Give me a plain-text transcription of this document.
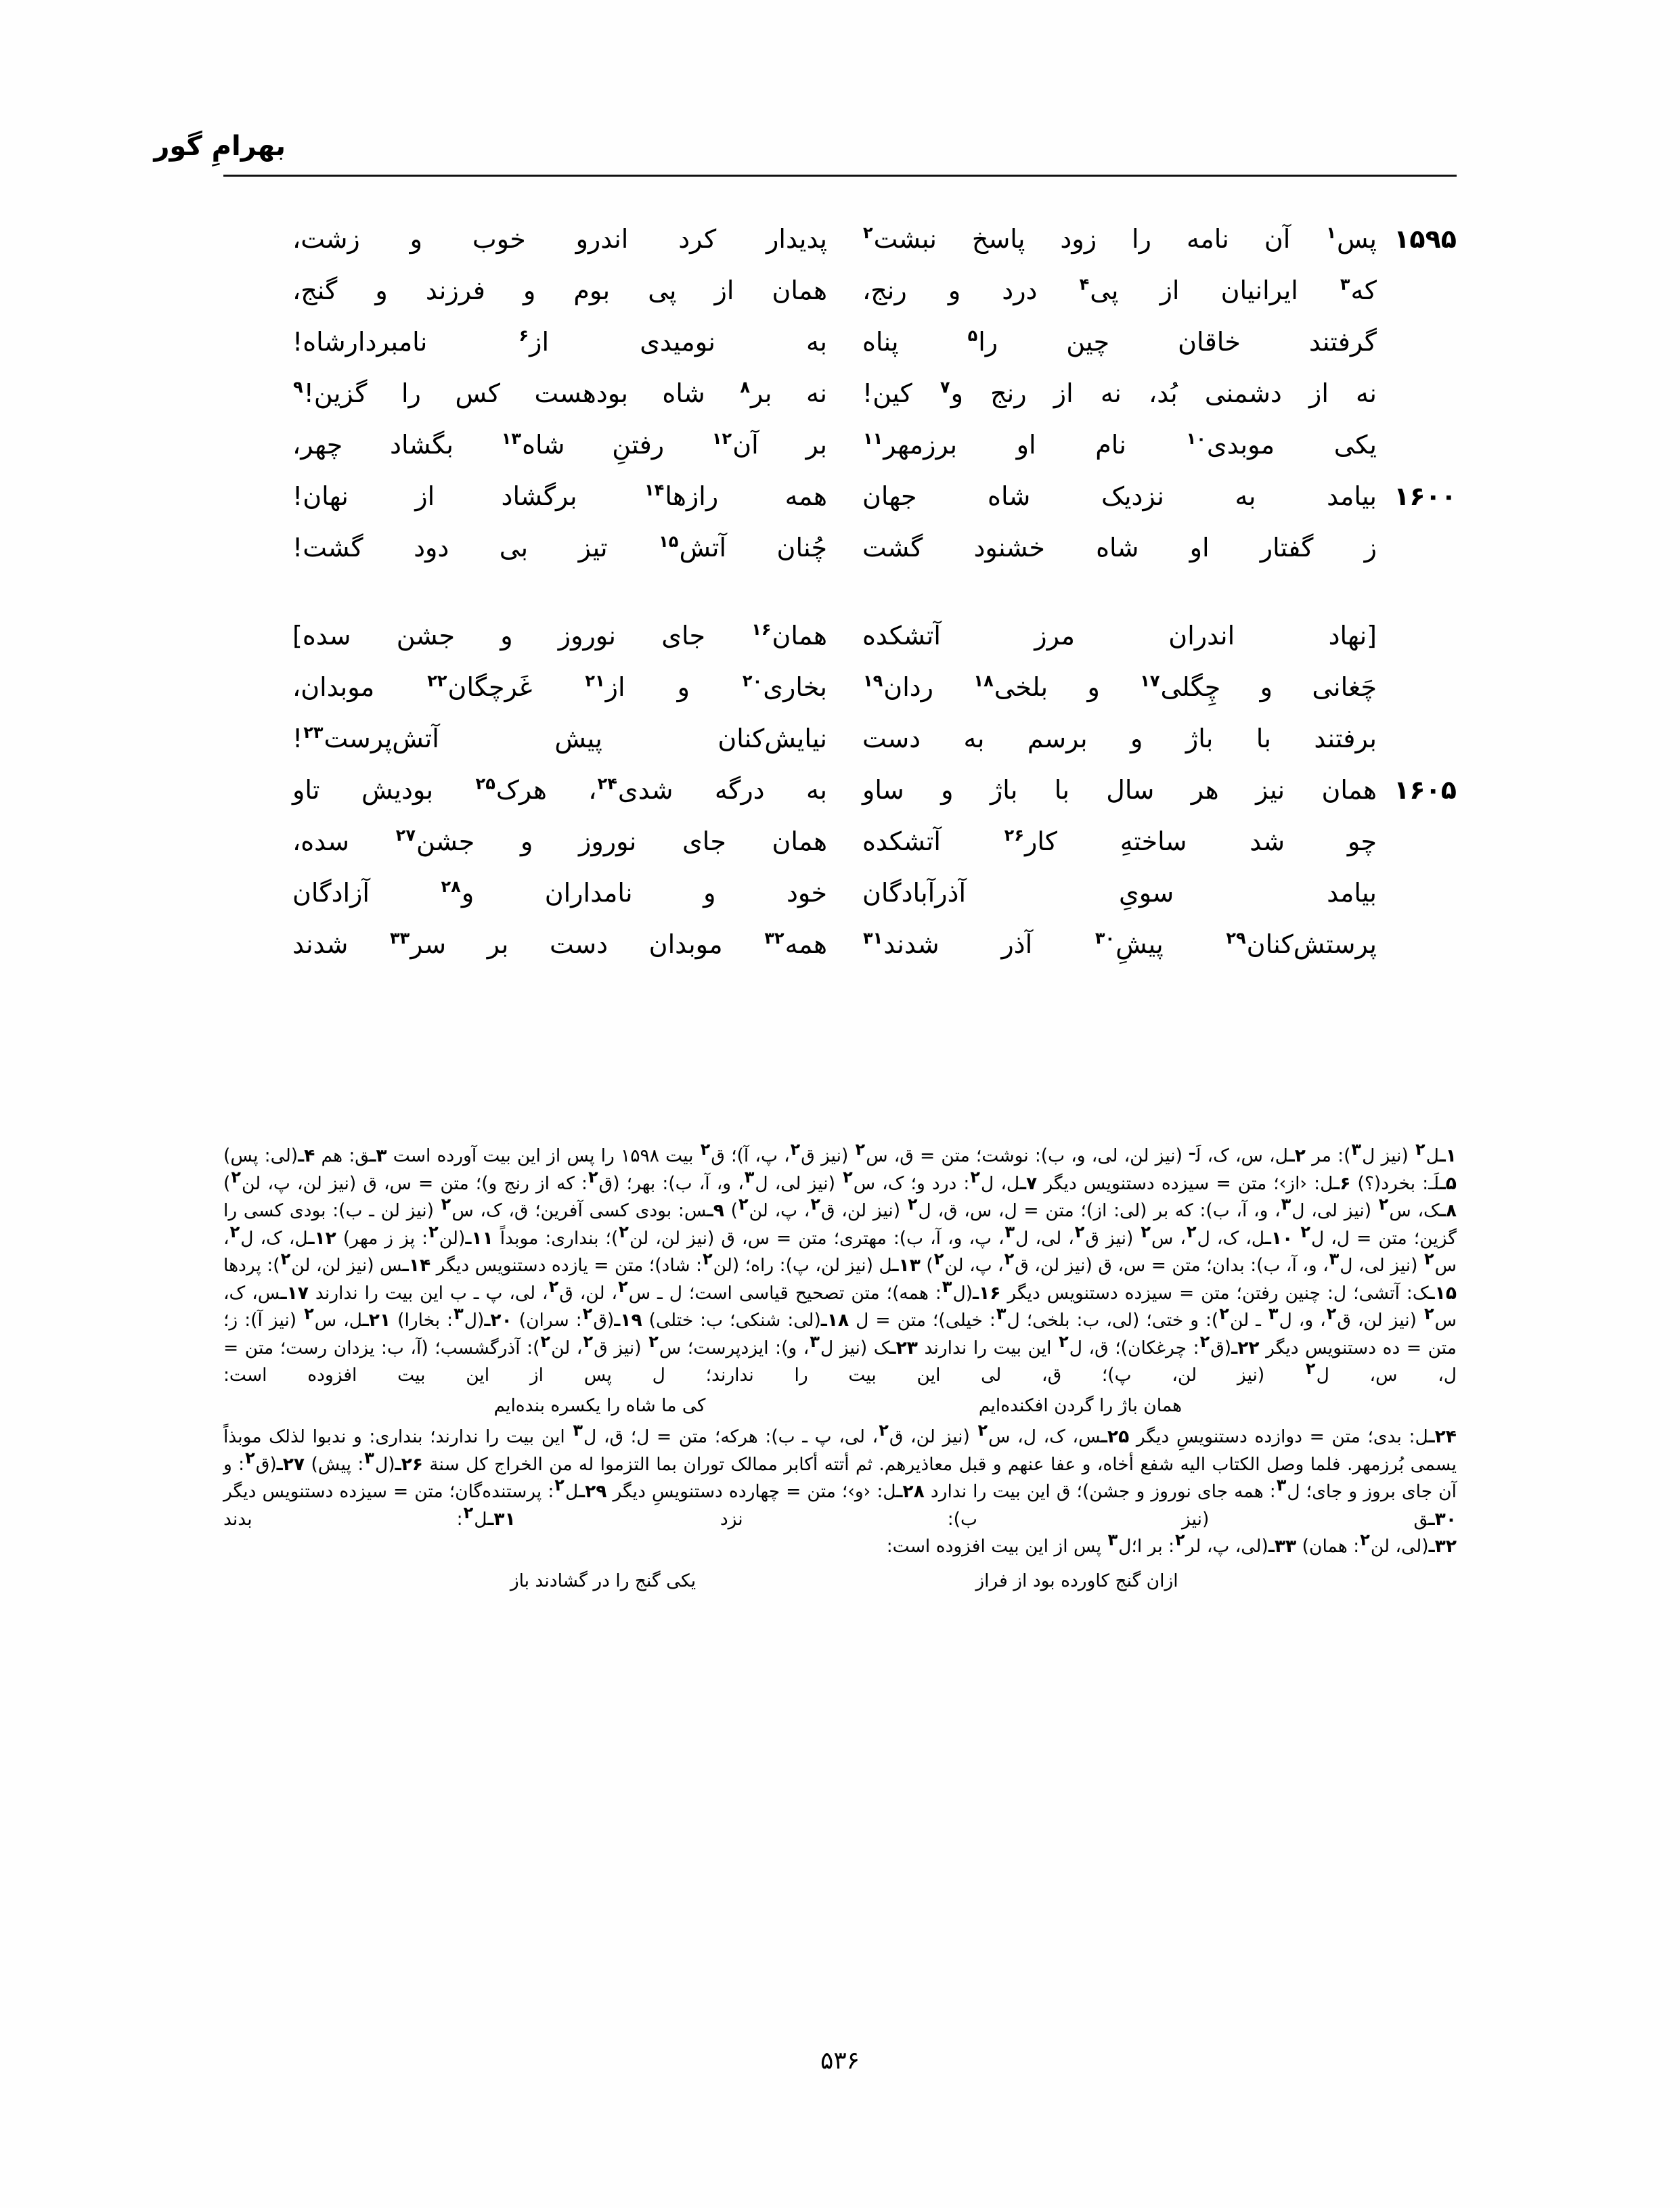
بهرامِ گور
۱۵۹۵
پس$^۱$ آن نامه را زود پاسخ نبشت$^۲$
پدیدار کرد اندرو خوب و زشت،
که$^۳$ ایرانیان از پی$^۴$ درد و رنج،
همان از پی بوم و فرزند و گنج،
گرفتند خاقان چین را$^۵$ پناه
به نومیدی از$^۶$ نامبردارشاه!
نه از دشمنی بُد، نه از رنج و$^۷$ کین!
نه بر$^۸$ شاه بودهست کس را گزین!$^۹$
یکی موبدی$^{۱۰}$ نام او برزمهر$^{۱۱}$
بر آن$^{۱۲}$ رفتنِ شاه$^{۱۳}$ بگشاد چهر،
۱۶۰۰
بیامد به نزدیک شاه جهان
همه رازها$^{۱۴}$ برگشاد از نهان!
ز گفتار او شاه خشنود گشت
چُنان آتش$^{۱۵}$ تیز بی دود گشت!
[نهاد اندران مرز آتشکده
همان$^{۱۶}$ جای نوروز و جشن سده]
چَغانی و چِگلی$^{۱۷}$ و بلخی$^{۱۸}$ ردان$^{۱۹}$
بخاری$^{۲۰}$ و از$^{۲۱}$ غَرچگان$^{۲۲}$ موبدان،
برفتند با باژ و برسم به دست
نیایش‌کنان پیش آتش‌پرست$^{۲۳}$!
۱۶۰۵
همان نیز هر سال با باژ و ساو
به درگه شدی$^{۲۴}$، هرک$^{۲۵}$ بودیش تاو
چو شد ساختهِ کار$^{۲۶}$ آتشکده
همان جای نوروز و جشن$^{۲۷}$ سده،
بیامد سویِ آذرآبادگان
خود و نامداران و$^{۲۸}$ آزادگان
پرستش‌کنان$^{۲۹}$ پیشِ$^{۳۰}$ آذر شدند$^{۳۱}$
همه$^{۳۲}$ موبدان دست بر سر$^{۳۳}$ شدند

۱ـل$^۲$ (نیز ل$^۳$): مر ۲ـل، س، ک، لَ$^ـ$ (نیز لن، لی، و، ب): نوشت؛ متن = ق، س$^۲$ (نیز ق$^۲$، پ، آ)؛ ق$^۲$ بیت ۱۵۹۸ را پس از این بیت آورده است ۳ـق: هم ۴ـ(لی: پس) ۵ـلَـ: بخرد(؟) ۶ـل: ‹از›؛ متن = سیزده دستنویس دیگر ۷ـل، ل$^۲$: درد و؛ ک، س$^۲$ (نیز لی، ل$^۳$، و، آ، ب): بهر؛ (ق$^۲$: که از رنج و)؛ متن = س، ق (نیز لن، پ، لن$^۲$) ۸ـک، س$^۲$ (نیز لی، ل$^۳$، و، آ، ب): که بر (لی: از)؛ متن = ل، س، ق، ل$^۲$ (نیز لن، ق$^۲$، پ، لن$^۲$) ۹ـس: بودی کسی آفرین؛ ق، ک، س$^۲$ (نیز لن ـ ب): بودی کسی را گزین؛ متن = ل، ل$^۲$ ۱۰ـل، ک، ل$^۲$، س$^۲$ (نیز ق$^۲$، لی، ل$^۳$، پ، و، آ، ب): مهتری؛ متن = س، ق (نیز لن، لن$^۲$)؛ بنداری: موبداً ۱۱ـ(لن$^۲$: پز ز مهر) ۱۲ـل، ک، ل$^۲$، س$^۲$ (نیز لی، ل$^۳$، و، آ، ب): بدان؛ متن = س، ق (نیز لن، ق$^۲$، پ، لن$^۲$) ۱۳ـل (نیز لن، پ): راه؛ (لن$^۲$: شاد)؛ متن = یازده دستنویس دیگر ۱۴ـس (نیز لن، لن$^۲$): پردها ۱۵ـک: آتشی؛ ل: چنین رفتن؛ متن = سیزده دستنویس دیگر ۱۶ـ(ل$^۳$: همه)؛ متن تصحیح قیاسی است؛ ل ـ س$^۲$، لن، ق$^۲$، لی، پ ـ ب این بیت را ندارند ۱۷ـس، ک، س$^۲$ (نیز لن، ق$^۲$، و، ل$^۳$ ـ لن$^۲$): و ختی؛ (لی، ب: بلخی؛ ل$^۳$: خیلی)؛ متن = ل ۱۸ـ(لی: شنکی؛ ب: ختلی) ۱۹ـ(ق$^۲$: سران) ۲۰ـ(ل$^۳$: بخارا) ۲۱ـل، س$^۲$ (نیز آ): ز؛ متن = ده دستنویس دیگر ۲۲ـ(ق$^۲$: چرغکان)؛ ق، ل$^۲$ این بیت را ندارند ۲۳ـک (نیز ل$^۳$، و): ایزدپرست؛ س$^۲$ (نیز ق$^۲$، لن$^۲$): آذرگشسب؛ (آ، ب: یزدان رست؛ متن = ل، س، ل$^۲$ (نیز لن، پ)؛ ق، لی این بیت را ندارند؛ ل پس از این بیت افزوده است:

همان باژ را گردن افکنده‌ایم
کی ما شاه را یکسره بنده‌ایم

۲۴ـل: بدی؛ متن = دوازده دستنویسِ دیگر ۲۵ـس، ک، ل، س$^۲$ (نیز لن، ق$^۲$، لی، پ ـ ب): هرکه؛ متن = ل؛ ق، ل$^۳$ این بیت را ندارند؛ بنداری: و ندبوا لذلک موبذاً یسمی بُرزمهر. فلما وصل الکتاب الیه شفع أخاه، و عفا عنهم و قبل معاذیرهم. ثم أتته أکابر ممالک توران بما التزموا له من الخراج کل سنة ۲۶ـ(ل$^۳$: پیش) ۲۷ـ(ق$^۲$: و آن جای بروز و جای؛ ل$^۳$: همه جای نوروز و جشن)؛ ق این بیت را ندارد ۲۸ـل: ‹و›؛ متن = چهارده دستنویسِ دیگر ۲۹ـل$^۲$: پرستنده‌گان؛ متن = سیزده دستنویس دیگر ۳۰ـق (نیز ب): نزد ۳۱ـل$^۲$: بدند

۳۲ـ(لی، لن$^۲$: همان) ۳۳ـ(لی، پ، لر$^۲$: بر ا؛ل$^۳$ پس از این بیت افزوده است:

ازان گنج کاورده بود از فراز
یکی گنج را در گشادند باز
۵۳۶
